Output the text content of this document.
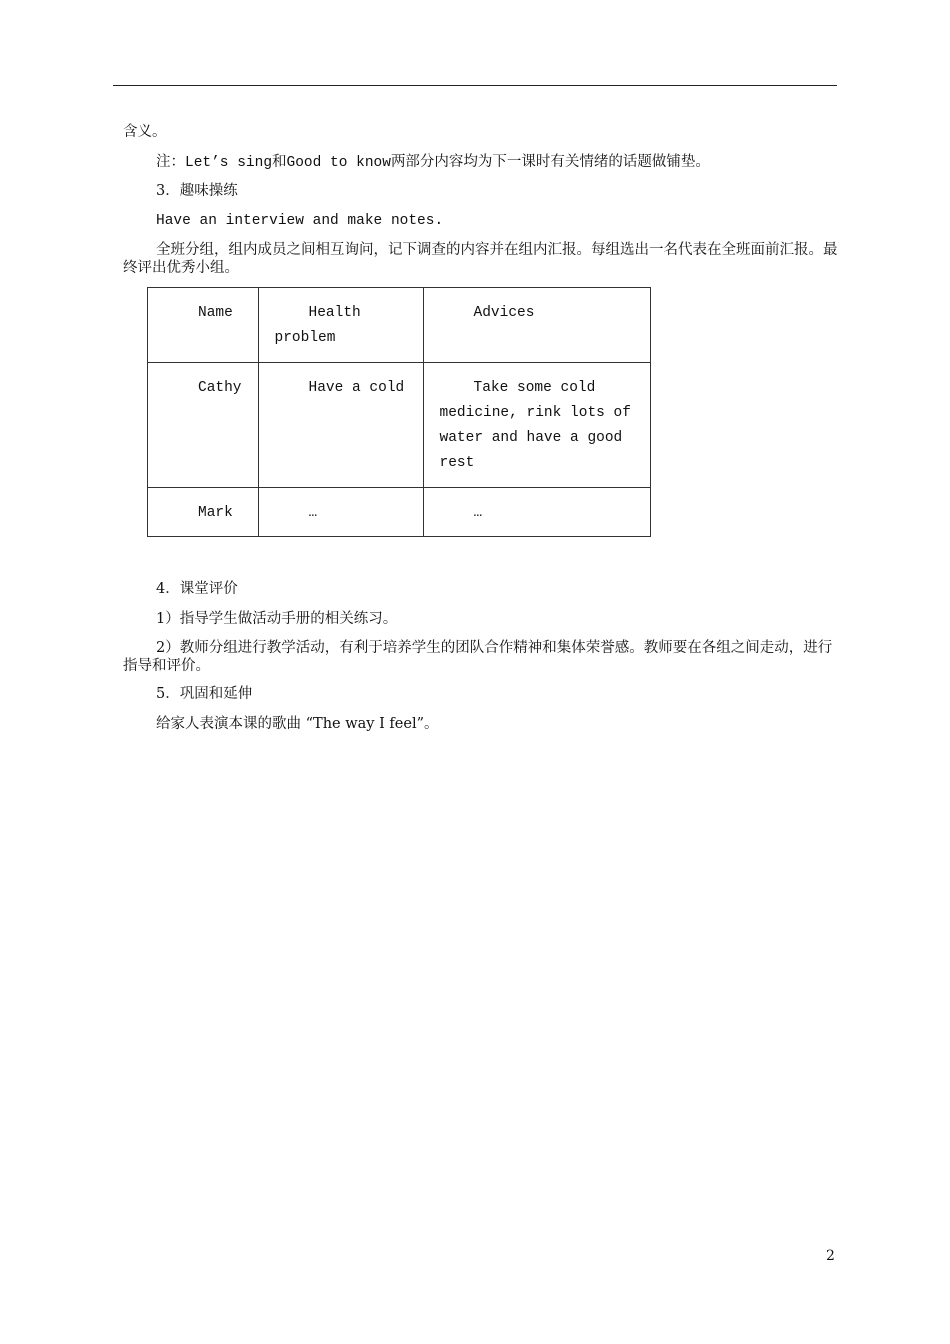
含义。
注：Let’s sing和Good to know两部分内容均为下一课时有关情绪的话题做铺垫。
3．趣味操练
Have an interview and make notes.
全班分组，组内成员之间相互询问，记下调查的内容并在组内汇报。每组选出一名代表在全班面前汇报。最终评出优秀小组。
Name	Health problem	Advices

Cathy	Have a cold	Take some cold medicine, rink lots of water and have a good rest

Mark	…	…
4．课堂评价
1）指导学生做活动手册的相关练习。
2）教师分组进行教学活动，有利于培养学生的团队合作精神和集体荣誉感。教师要在各组之间走动，进行指导和评价。
5．巩固和延伸
给家人表演本课的歌曲 “The way I feel”。
2
